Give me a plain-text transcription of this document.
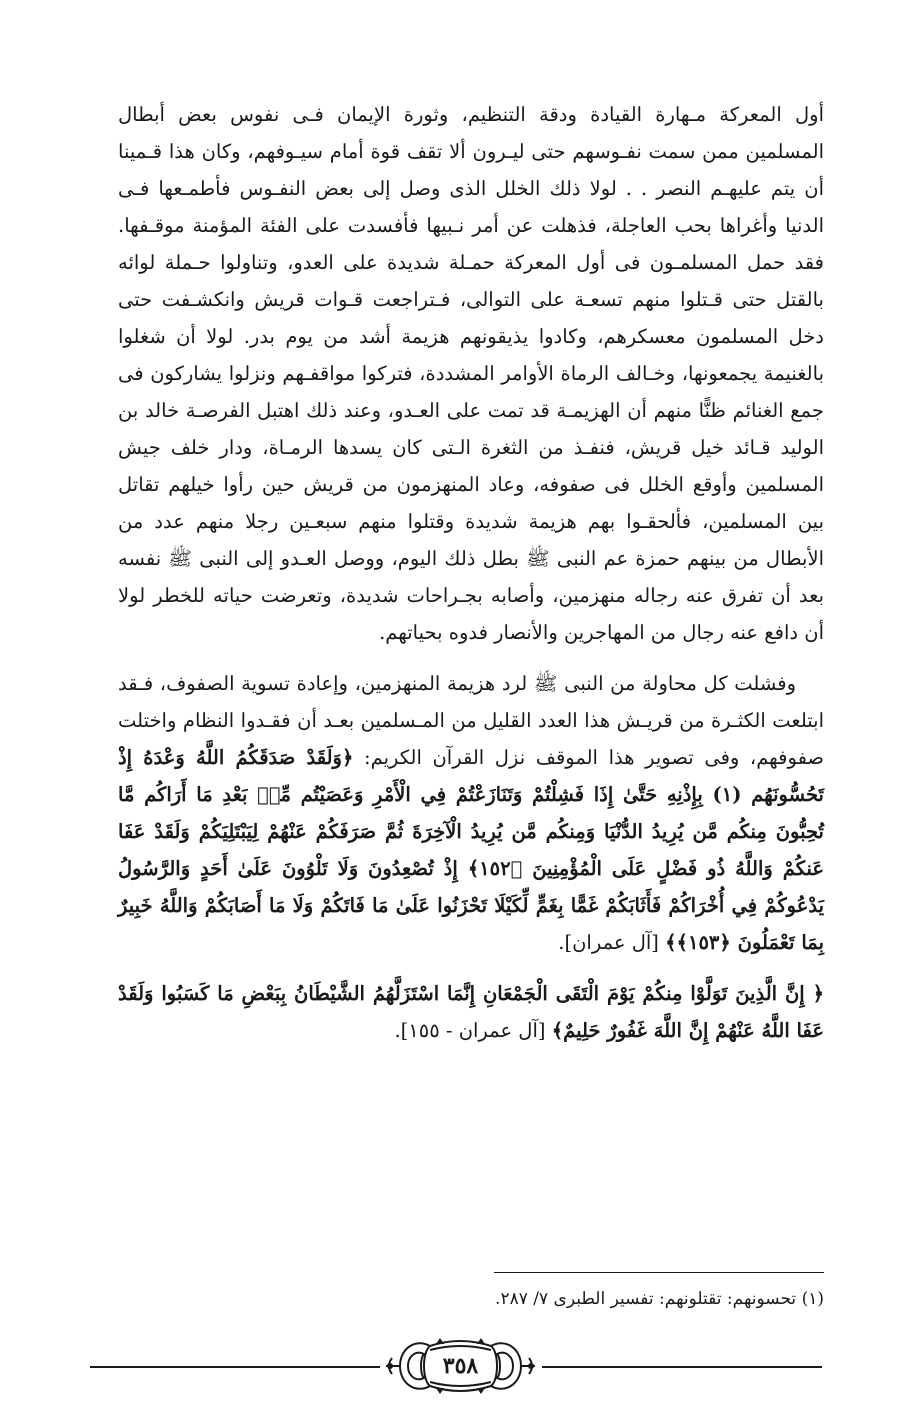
أول المعركة مـهارة القيادة ودقة التنظيم، وثورة الإيمان فـى نفوس بعض أبطال المسلمين ممن سمت نفـوسهم حتى ليـرون ألا تقف قوة أمام سيـوفهم، وكان هذا قـمينا أن يتم عليهـم النصر . . لولا ذلك الخلل الذى وصل إلى بعض النفـوس فأطمـعها فـى الدنيا وأغراها بحب العاجلة، فذهلت عن أمر نـبيها فأفسدت على الفئة المؤمنة موقـفها. فقد حمل المسلمـون فى أول المعركة حمـلة شديدة على العدو، وتناولوا حـملة لوائه بالقتل حتى قـتلوا منهم تسعـة على التوالى، فـتراجعت قـوات قريش وانكشـفت حتى دخل المسلمون معسكرهم، وكادوا يذيقونهم هزيمة أشد من يوم بدر. لولا أن شغلوا بالغنيمة يجمعونها، وخـالف الرماة الأوامر المشددة، فتركوا مواقفـهم ونزلوا يشاركون فى جمع الغنائم ظنًّا منهم أن الهزيمـة قد تمت على العـدو، وعند ذلك اهتبل الفرصـة خالد بن الوليد قـائد خيل قريش، فنفـذ من الثغرة الـتى كان يسدها الرمـاة، ودار خلف جيش المسلمين وأوقع الخلل فى صفوفه، وعاد المنهزمون من قريش حين رأوا خيلهم تقاتل بين المسلمين، فألحقـوا بهم هزيمة شديدة وقتلوا منهم سبعـين رجلا منهم عدد من الأبطال من بينهم حمزة عم النبى ﷺ بطل ذلك اليوم، ووصل العـدو إلى النبى ﷺ نفسه بعد أن تفرق عنه رجاله منهزمين، وأصابه بجـراحات شديدة، وتعرضت حياته للخطر لولا أن دافع عنه رجال من المهاجرين والأنصار فدوه بحياتهم.

وفشلت كل محاولة من النبى ﷺ لرد هزيمة المنهزمين، وإعادة تسوية الصفوف، فـقد ابتلعت الكثـرة من قريـش هذا العدد القليل من المـسلمين بعـد أن فقـدوا النظام واختلت صفوفهم، وفى تصوير هذا الموقف نزل القرآن الكريم: ﴿وَلَقَدْ صَدَقَكُمُ اللَّهُ وَعْدَهُ إِذْ تَحُسُّونَهُم (١) بِإِذْنِهِ حَتَّىٰ إِذَا فَشِلْتُمْ وَتَنَازَعْتُمْ فِي الْأَمْرِ وَعَصَيْتُم مِّنۢ بَعْدِ مَا أَرَاكُم مَّا تُحِبُّونَ مِنكُم مَّن يُرِيدُ الدُّنْيَا وَمِنكُم مَّن يُرِيدُ الْآخِرَةَ ثُمَّ صَرَفَكُمْ عَنْهُمْ لِيَبْتَلِيَكُمْ وَلَقَدْ عَفَا عَنكُمْ وَاللَّهُ ذُو فَضْلٍ عَلَى الْمُؤْمِنِينَ ﴿١٥٢﴾ إِذْ تُصْعِدُونَ وَلَا تَلْوُونَ عَلَىٰ أَحَدٍ وَالرَّسُولُ يَدْعُوكُمْ فِي أُخْرَاكُمْ فَأَثَابَكُمْ غَمًّا بِغَمٍّ لِّكَيْلَا تَحْزَنُوا عَلَىٰ مَا فَاتَكُمْ وَلَا مَا أَصَابَكُمْ وَاللَّهُ خَبِيرٌ بِمَا تَعْمَلُونَ ﴿١٥٣﴾﴾ [آل عمران].

﴿ إِنَّ الَّذِينَ تَوَلَّوْا مِنكُمْ يَوْمَ الْتَقَى الْجَمْعَانِ إِنَّمَا اسْتَزَلَّهُمُ الشَّيْطَانُ بِبَعْضِ مَا كَسَبُوا وَلَقَدْ عَفَا اللَّهُ عَنْهُمْ إِنَّ اللَّهَ غَفُورٌ حَلِيمٌ﴾ [آل عمران - ١٥٥].

(١) تحسونهم: تقتلونهم: تفسير الطبرى ٧/ ٢٨٧.

٣٥٨
